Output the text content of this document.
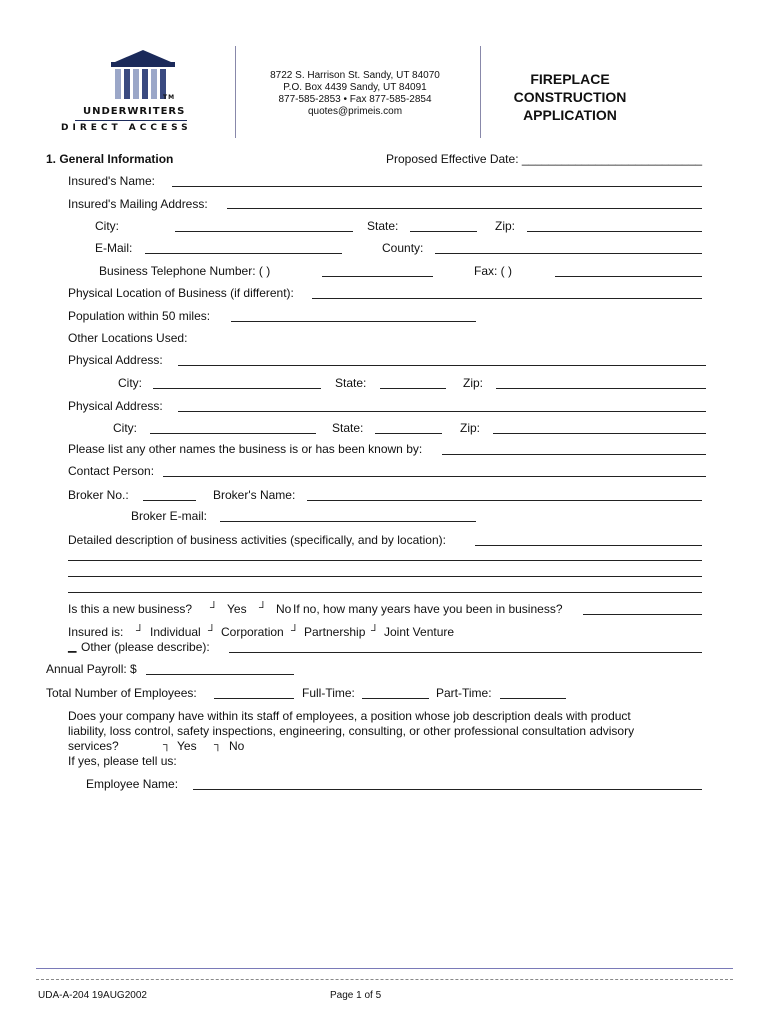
TM
UNDERWRITERS
DIRECT ACCESS
8722 S. Harrison St. Sandy, UT 84070
P.O. Box 4439 Sandy, UT 84091
877-585-2853 • Fax 877-585-2854
quotes@primeis.com
FIREPLACE
CONSTRUCTION
APPLICATION
1. General Information	Proposed Effective Date: ___________________________
Insured's Name:
Insured's Mailing Address:
City:	State:	Zip:
E-Mail:	County:
Business Telephone Number: ( )	Fax: ( )
Physical Location of Business (if different):
Population within 50 miles:
Other Locations Used:
Physical Address:
City:	State:	Zip:
Physical Address:
City:	State:	Zip:
Please list any other names the business is or has been known by:
Contact Person:
Broker No.:	Broker's Name:
Broker E-mail:
Detailed description of business activities (specifically, and by location):
Is this a new business? ┘ Yes ┘ No If no, how many years have you been in business?
Insured is: ┘ Individual ┘ Corporation ┘ Partnership ┘ Joint Venture
▁ Other (please describe):
Annual Payroll: $
Total Number of Employees:	Full-Time:	Part-Time:
Does your company have within its staff of employees, a position whose job description deals with product
liability, loss control, safety inspections, engineering, consulting, or other professional consultation advisory
services?	┐ Yes ┐ No
If yes, please tell us:
Employee Name:
UDA-A-204 19AUG2002	Page 1 of 5
